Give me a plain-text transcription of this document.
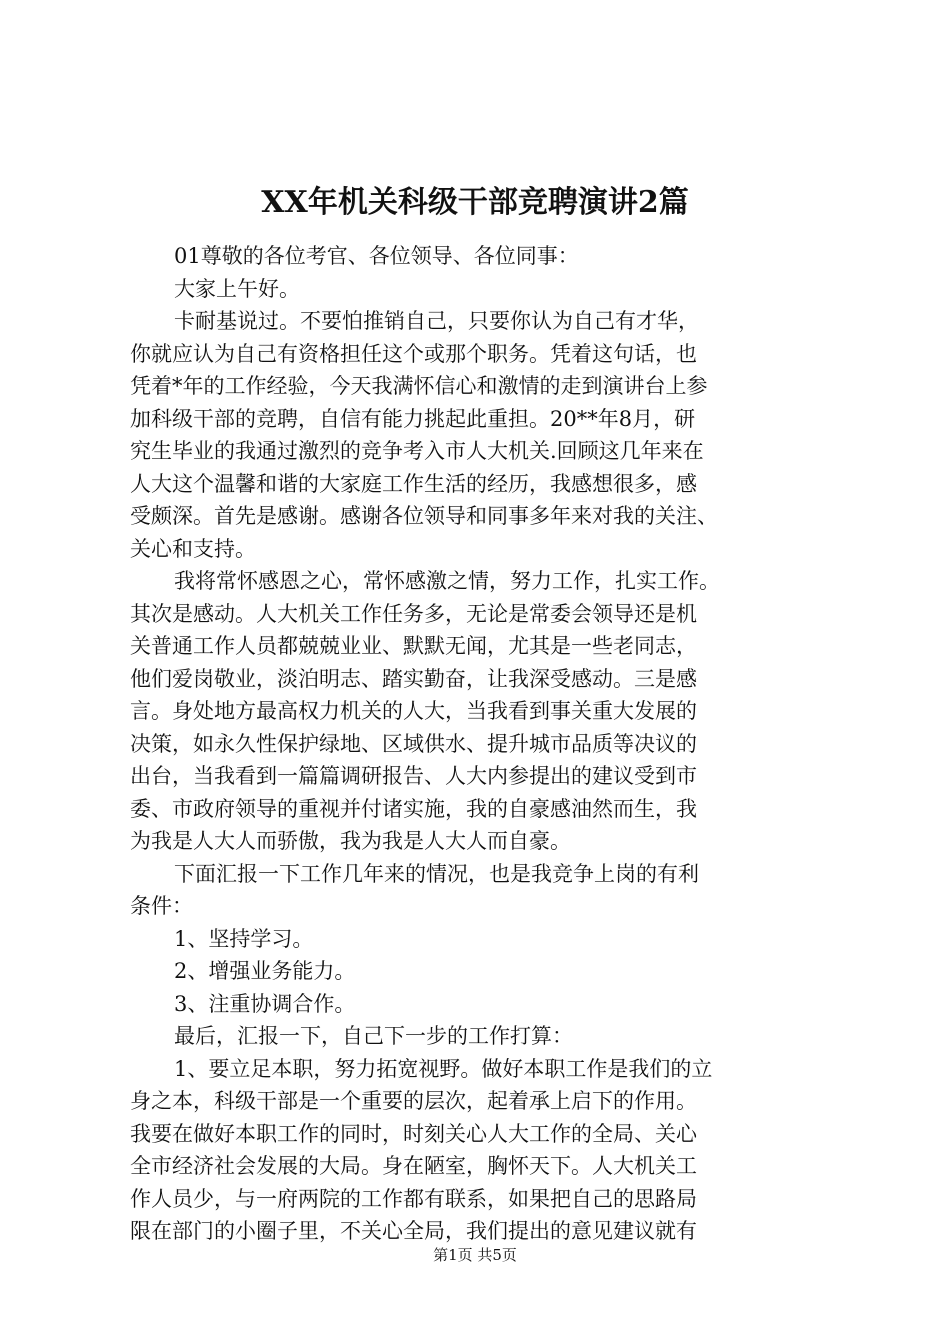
XX年机关科级干部竞聘演讲2篇
01尊敬的各位考官、各位领导、各位同事：
大家上午好。
卡耐基说过。不要怕推销自己，只要你认为自己有才华，
你就应认为自己有资格担任这个或那个职务。凭着这句话，也
凭着*年的工作经验，今天我满怀信心和激情的走到演讲台上参
加科级干部的竞聘，自信有能力挑起此重担。20**年8月，研
究生毕业的我通过激烈的竞争考入市人大机关.回顾这几年来在
人大这个温馨和谐的大家庭工作生活的经历，我感想很多，感
受颇深。首先是感谢。感谢各位领导和同事多年来对我的关注、
关心和支持。
我将常怀感恩之心，常怀感激之情，努力工作，扎实工作。
其次是感动。人大机关工作任务多，无论是常委会领导还是机
关普通工作人员都兢兢业业、默默无闻，尤其是一些老同志，
他们爱岗敬业，淡泊明志、踏实勤奋，让我深受感动。三是感
言。身处地方最高权力机关的人大，当我看到事关重大发展的
决策，如永久性保护绿地、区域供水、提升城市品质等决议的
出台，当我看到一篇篇调研报告、人大内参提出的建议受到市
委、市政府领导的重视并付诸实施，我的自豪感油然而生，我
为我是人大人而骄傲，我为我是人大人而自豪。
下面汇报一下工作几年来的情况，也是我竞争上岗的有利
条件：
1、坚持学习。
2、增强业务能力。
3、注重协调合作。
最后，汇报一下，自己下一步的工作打算：
1、要立足本职，努力拓宽视野。做好本职工作是我们的立
身之本，科级干部是一个重要的层次，起着承上启下的作用。
我要在做好本职工作的同时，时刻关心人大工作的全局、关心
全市经济社会发展的大局。身在陋室，胸怀天下。人大机关工
作人员少，与一府两院的工作都有联系，如果把自己的思路局
限在部门的小圈子里，不关心全局，我们提出的意见建议就有
第1页 共5页
